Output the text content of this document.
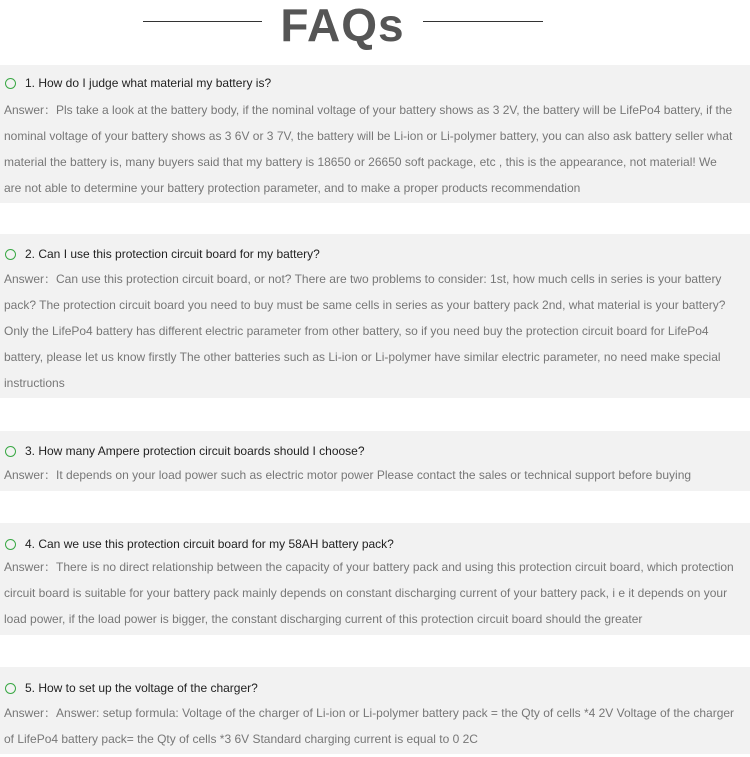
FAQs
1. How do I judge what material my battery is?
Answer：Pls take a look at the battery body, if the nominal voltage of your battery shows as 3 2V, the battery will be LifePo4 battery, if the
nominal voltage of your battery shows as 3 6V or 3 7V, the battery will be Li-ion or Li-polymer battery, you can also ask battery seller what
material the battery is, many buyers said that my battery is 18650 or 26650 soft package, etc , this is the appearance, not material! We
are not able to determine your battery protection parameter, and to make a proper products recommendation
2. Can I use this protection circuit board for my battery?
Answer：Can use this protection circuit board, or not? There are two problems to consider: 1st, how much cells in series is your battery
pack? The protection circuit board you need to buy must be same cells in series as your battery pack 2nd, what material is your battery?
Only the LifePo4 battery has different electric parameter from other battery, so if you need buy the protection circuit board for LifePo4
battery, please let us know firstly The other batteries such as Li-ion or Li-polymer have similar electric parameter, no need make special
instructions
3. How many Ampere protection circuit boards should I choose?
Answer：It depends on your load power such as electric motor power Please contact the sales or technical support before buying
4. Can we use this protection circuit board for my 58AH battery pack?
Answer：There is no direct relationship between the capacity of your battery pack and using this protection circuit board, which protection
circuit board is suitable for your battery pack mainly depends on constant discharging current of your battery pack, i e it depends on your
load power, if the load power is bigger, the constant discharging current of this protection circuit board should the greater
5. How to set up the voltage of the charger?
Answer：Answer: setup formula: Voltage of the charger of Li-ion or Li-polymer battery pack = the Qty of cells *4 2V Voltage of the charger
of LifePo4 battery pack= the Qty of cells *3 6V Standard charging current is equal to 0 2C
